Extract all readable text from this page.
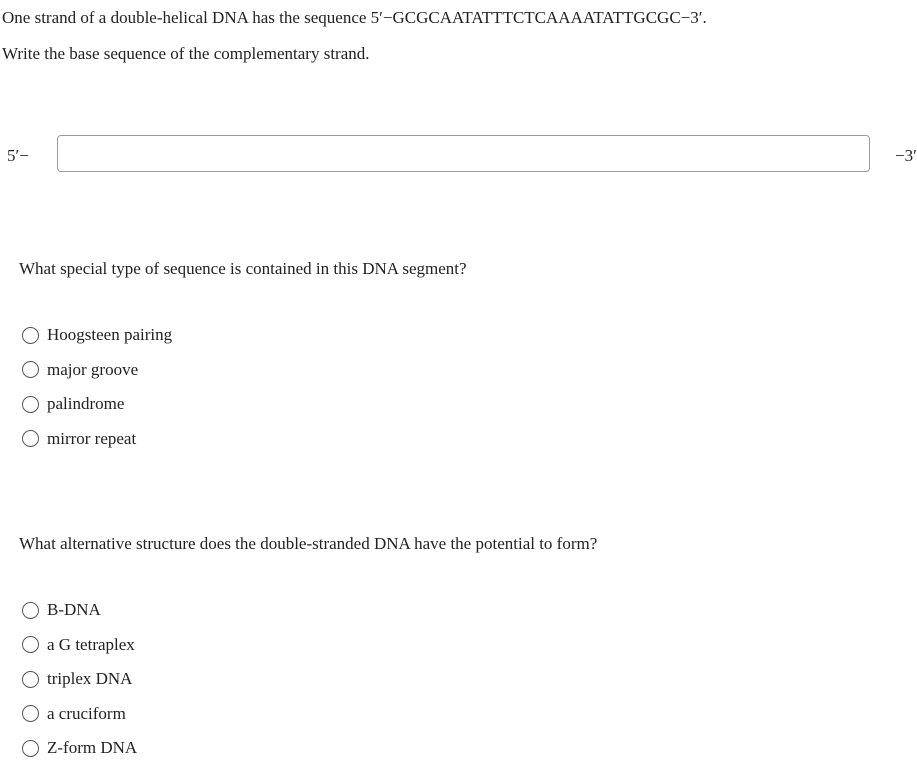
One strand of a double-helical DNA has the sequence 5′−GCGCAATATTTCTCAAAATATTGCGC−3′.
Write the base sequence of the complementary strand.
5′−	−3′
What special type of sequence is contained in this DNA segment?
Hoogsteen pairing
major groove
palindrome
mirror repeat
What alternative structure does the double-stranded DNA have the potential to form?
B-DNA
a G tetraplex
triplex DNA
a cruciform
Z-form DNA
